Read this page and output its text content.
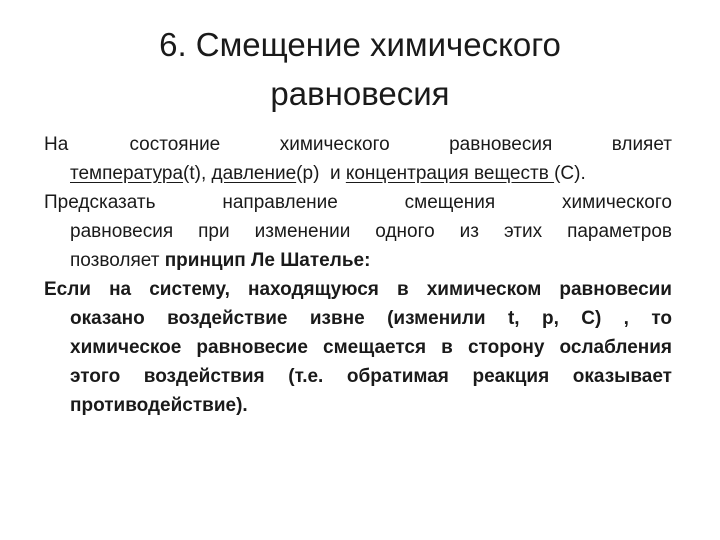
6. Смещение химического
равновесия
На	состояние	химического	равновесия	влияет
температура(t), давление(p)  и концентрация веществ (C).
Предсказать	направление	смещения	химического
равновесия при изменении одного из этих параметров
позволяет принцип Ле Шателье:
Если на систему, находящуюся в химическом равновесии
оказано воздействие извне (изменили t, p, C) , то
химическое равновесие смещается в сторону ослабления
этого воздействия (т.е. обратимая реакция оказывает
противодействие).
